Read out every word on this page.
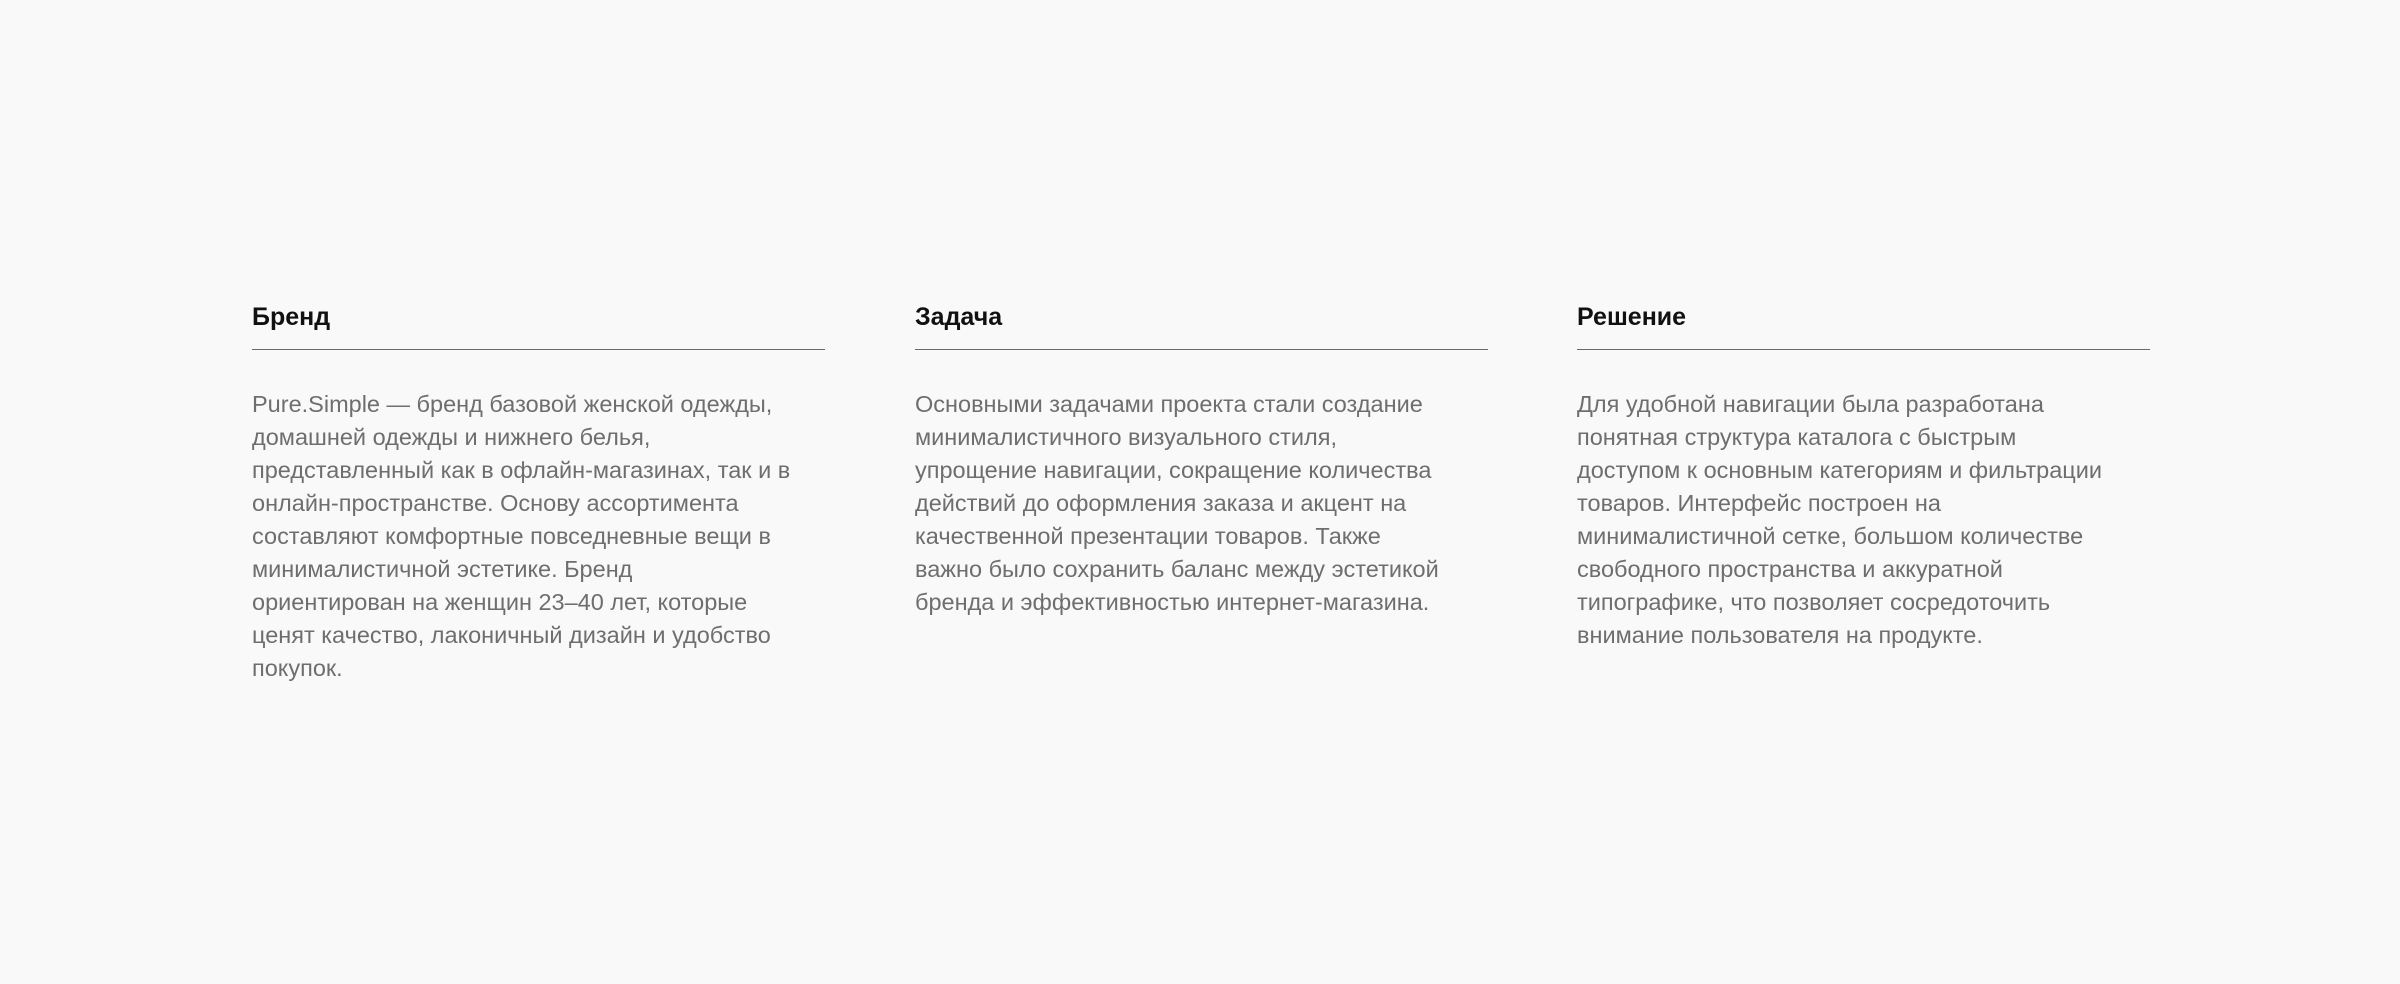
Бренд
Pure.Simple — бренд базовой женской одежды,
домашней одежды и нижнего белья,
представленный как в офлайн-магазинах, так и в
онлайн-пространстве. Основу ассортимента
составляют комфортные повседневные вещи в
минималистичной эстетике. Бренд
ориентирован на женщин 23–40 лет, которые
ценят качество, лаконичный дизайн и удобство
покупок.
Задача
Основными задачами проекта стали создание
минималистичного визуального стиля,
упрощение навигации, сокращение количества
действий до оформления заказа и акцент на
качественной презентации товаров. Также
важно было сохранить баланс между эстетикой
бренда и эффективностью интернет-магазина.
Решение
Для удобной навигации была разработана
понятная структура каталога с быстрым
доступом к основным категориям и фильтрации
товаров. Интерфейс построен на
минималистичной сетке, большом количестве
свободного пространства и аккуратной
типографике, что позволяет сосредоточить
внимание пользователя на продукте.
